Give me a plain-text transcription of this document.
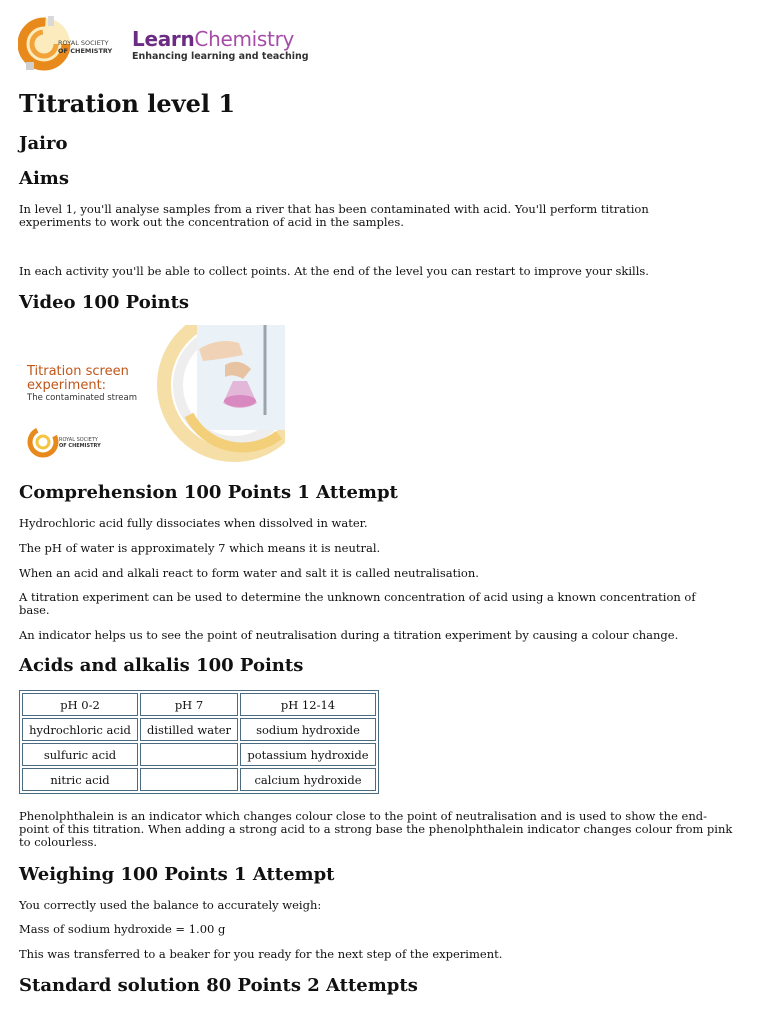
ROYAL SOCIETY
OF CHEMISTRY LearnChemistry
Enhancing learning and teaching
Titration level 1
Jairo
Aims

In level 1, you'll analyse samples from a river that has been contaminated with acid. You'll perform titration experiments to work out the concentration of acid in the samples.

In each activity you'll be able to collect points. At the end of the level you can restart to improve your skills.

Video 100 Points
ROYAL SOCIETY
OF CHEMISTRY
Titration screen experiment:
The contaminated stream
Comprehension 100 Points 1 Attempt

Hydrochloric acid fully dissociates when dissolved in water.

The pH of water is approximately 7 which means it is neutral.

When an acid and alkali react to form water and salt it is called neutralisation.

A titration experiment can be used to determine the unknown concentration of acid using a known concentration of base.

An indicator helps us to see the point of neutralisation during a titration experiment by causing a colour change.

Acids and alkalis 100 Points
pH 0-2	pH 7	pH 12-14
hydrochloric acid	distilled water	sodium hydroxide
sulfuric acid		potassium hydroxide
nitric acid		calcium hydroxide

Phenolphthalein is an indicator which changes colour close to the point of neutralisation and is used to show the end-point of this titration. When adding a strong acid to a strong base the phenolphthalein indicator changes colour from pink to colourless.

Weighing 100 Points 1 Attempt

You correctly used the balance to accurately weigh:

Mass of sodium hydroxide = 1.00 g

This was transferred to a beaker for you ready for the next step of the experiment.

Standard solution 80 Points 2 Attempts
